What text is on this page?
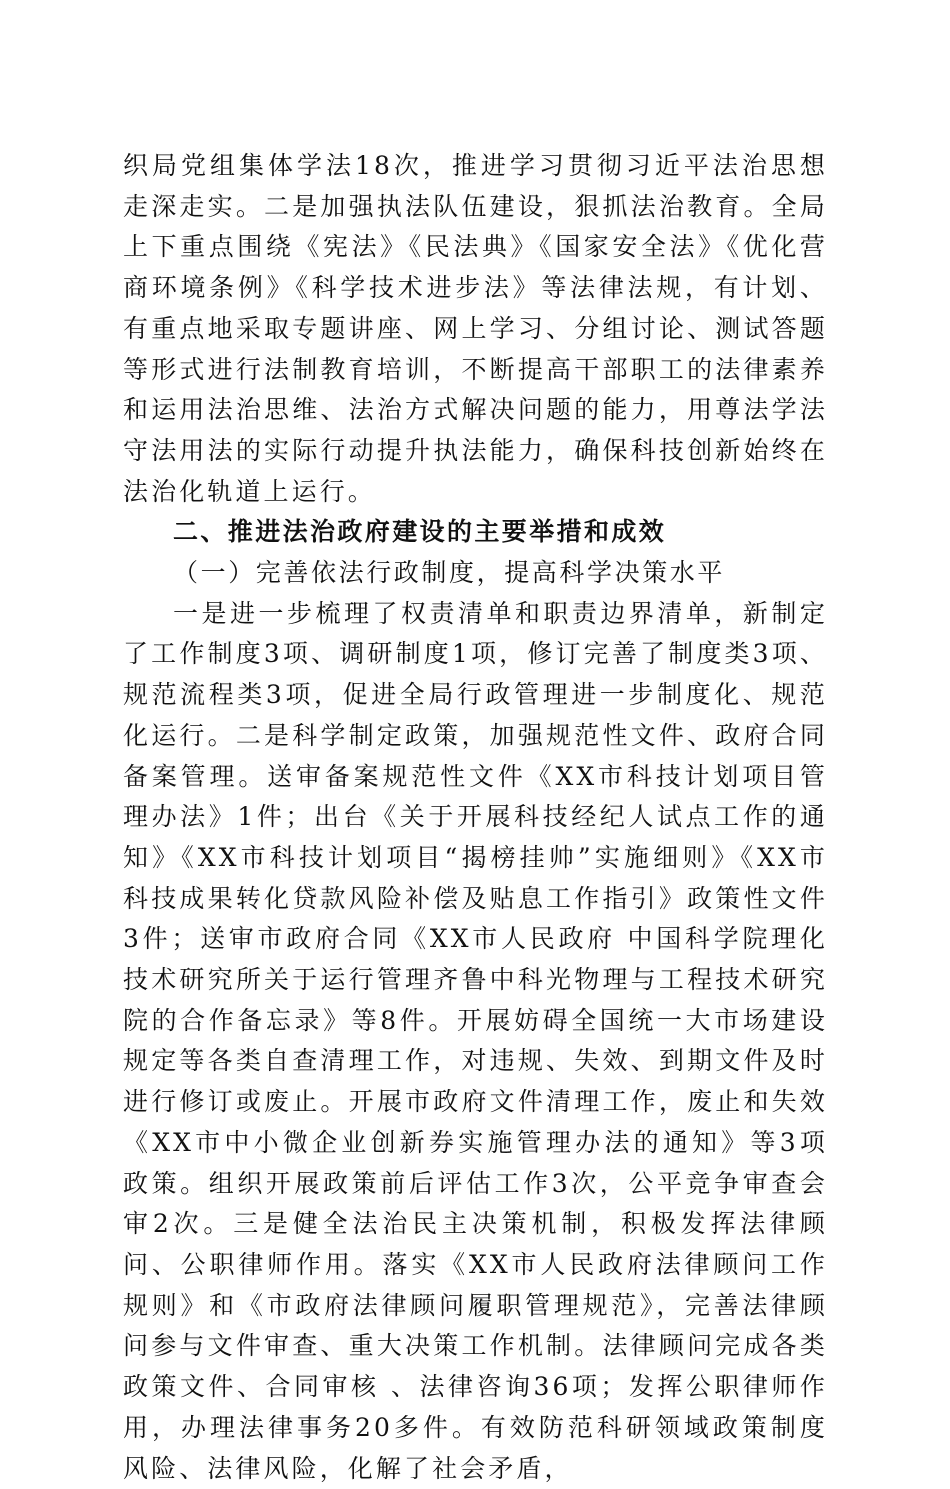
织局党组集体学法18次，推进学习贯彻习近平法治思想走深走实。二是加强执法队伍建设，狠抓法治教育。全局上下重点围绕《宪法》《民法典》《国家安全法》《优化营商环境条例》《科学技术进步法》等法律法规，有计划、有重点地采取专题讲座、网上学习、分组讨论、测试答题等形式进行法制教育培训，不断提高干部职工的法律素养和运用法治思维、法治方式解决问题的能力，用尊法学法守法用法的实际行动提升执法能力，确保科技创新始终在法治化轨道上运行。

二、推进法治政府建设的主要举措和成效

（一）完善依法行政制度，提高科学决策水平

一是进一步梳理了权责清单和职责边界清单，新制定了工作制度3项、调研制度1项，修订完善了制度类3项、规范流程类3项，促进全局行政管理进一步制度化、规范化运行。二是科学制定政策，加强规范性文件、政府合同备案管理。送审备案规范性文件《XX市科技计划项目管理办法》1件；出台《关于开展科技经纪人试点工作的通知》《XX市科技计划项目“揭榜挂帅”实施细则》《XX市科技成果转化贷款风险补偿及贴息工作指引》政策性文件3件；送审市政府合同《XX市人民政府 中国科学院理化技术研究所关于运行管理齐鲁中科光物理与工程技术研究院的合作备忘录》等8件。开展妨碍全国统一大市场建设规定等各类自查清理工作，对违规、失效、到期文件及时进行修订或废止。开展市政府文件清理工作，废止和失效《XX市中小微企业创新券实施管理办法的通知》等3项政策。组织开展政策前后评估工作3次，公平竞争审查会审2次。三是健全法治民主决策机制，积极发挥法律顾问、公职律师作用。落实《XX市人民政府法律顾问工作规则》和《市政府法律顾问履职管理规范》，完善法律顾问参与文件审查、重大决策工作机制。法律顾问完成各类政策文件、合同审核 、法律咨询36项；发挥公职律师作用，办理法律事务20多件。有效防范科研领域政策制度风险、法律风险，化解了社会矛盾，
